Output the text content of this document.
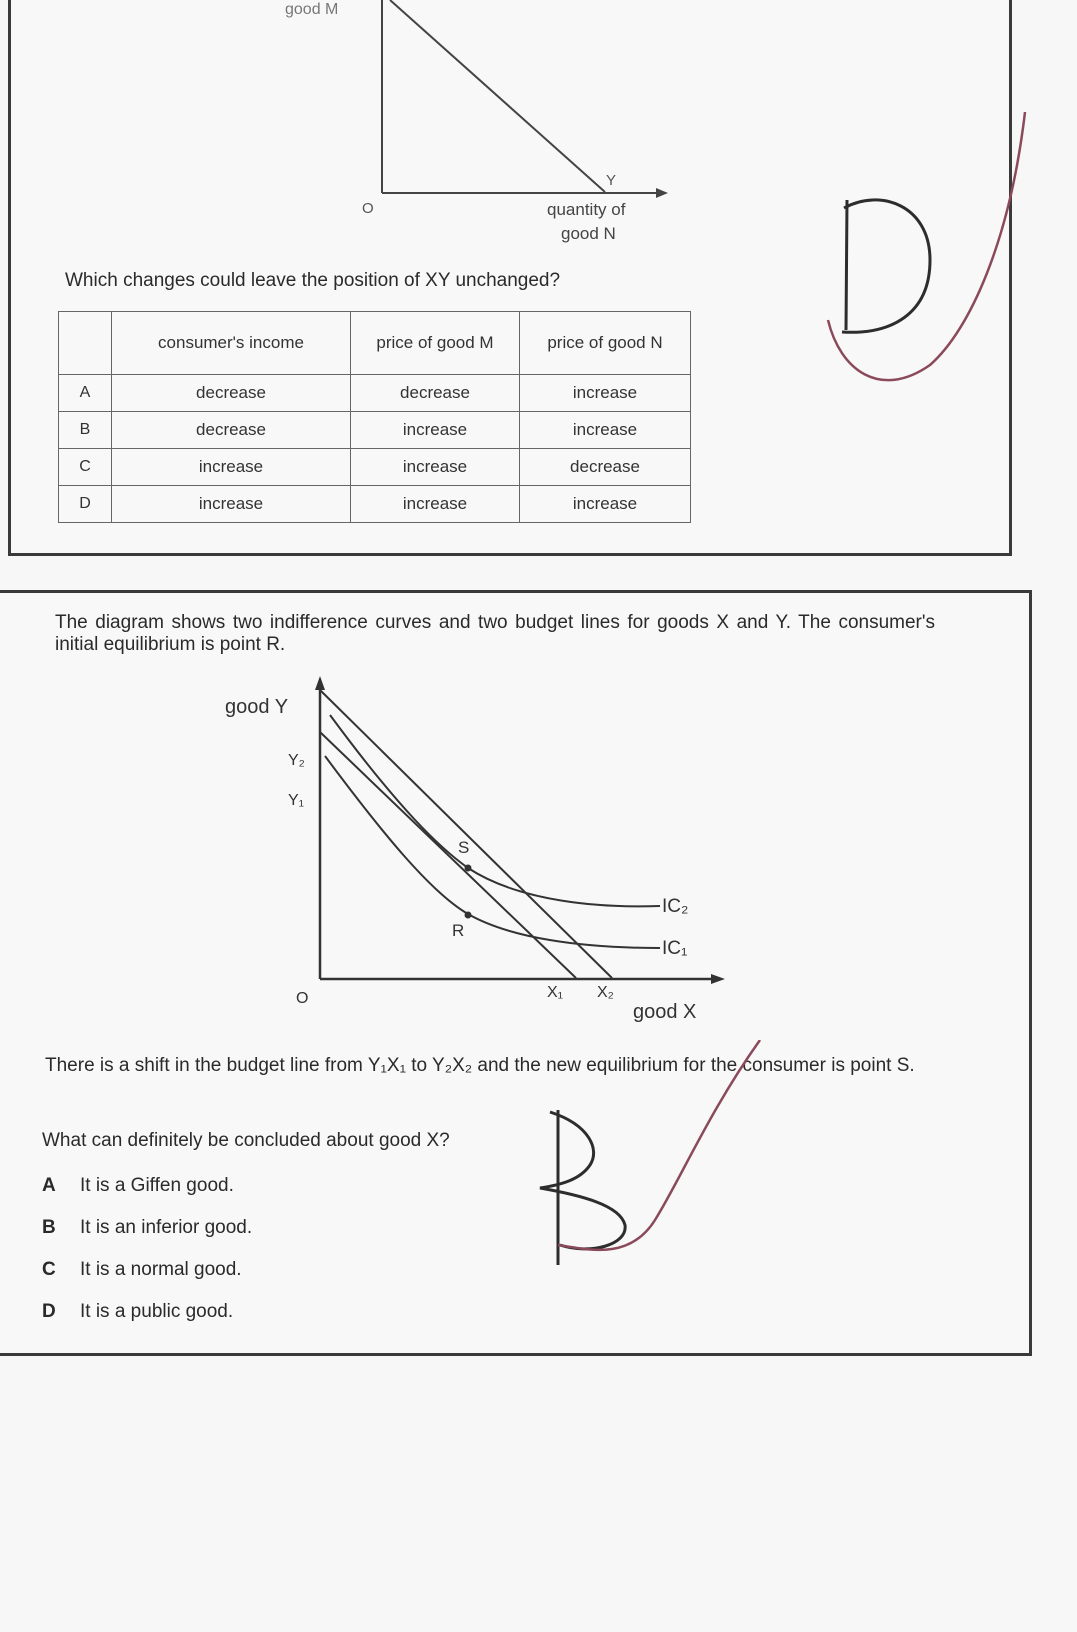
good M
O
Y
quantity of
good N
Which changes could leave the position of XY unchanged?
	consumer's income	price of good M	price of good N
A	decrease	decrease	increase
B	decrease	increase	increase
C	increase	increase	decrease
D	increase	increase	increase
The diagram shows two indifference curves and two budget lines for goods X and Y. The consumer's initial equilibrium is point R.
good Y
Y₂
Y₁
S
R
IC₂
IC₁
O	X₁ X₂
good X
There is a shift in the budget line from Y₁X₁ to Y₂X₂ and the new equilibrium for the consumer is point S.
What can definitely be concluded about good X?
A It is a Giffen good.
B It is an inferior good.
C It is a normal good.
D It is a public good.
